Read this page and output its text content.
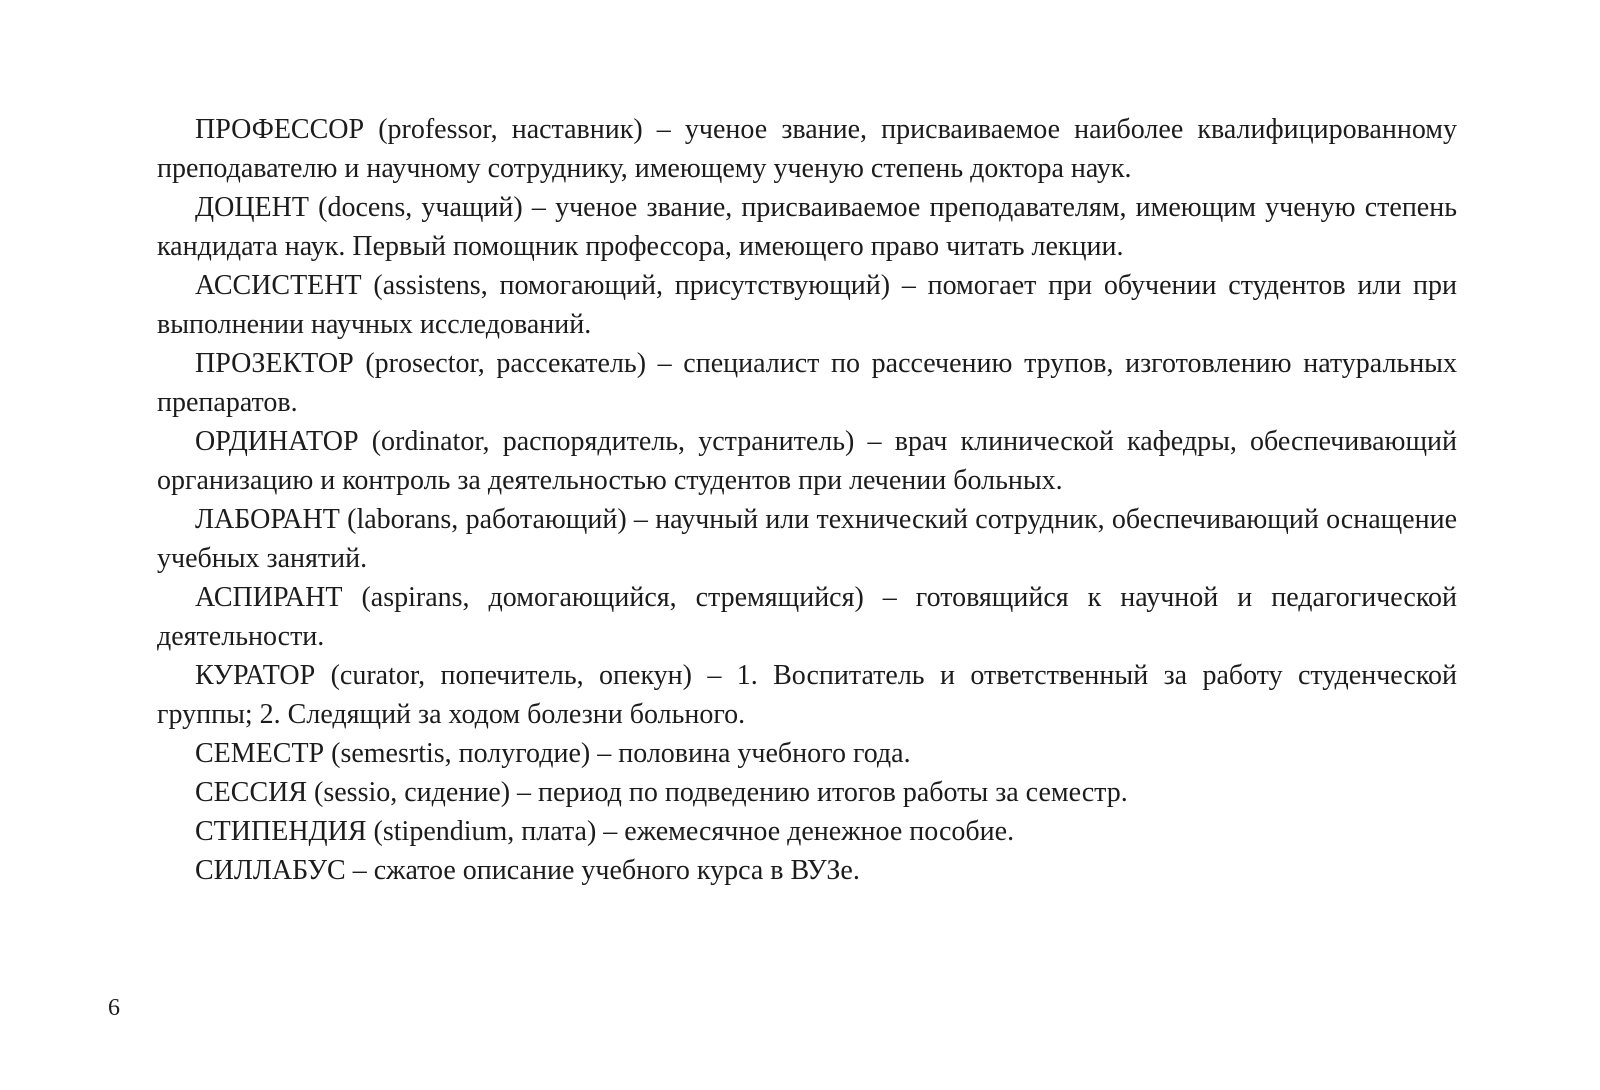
ПРОФЕССОР (professor, наставник) – ученое звание, присваиваемое наиболее квалифицированному преподавателю и научному сотруднику, имеющему ученую степень доктора наук.

ДОЦЕНТ (docens, учащий) – ученое звание, присваиваемое преподавателям, имеющим ученую степень кандидата наук. Первый помощник профессора, имеющего право читать лекции.

АССИСТЕНТ (assistens, помогающий, присутствующий) – помогает при обучении студентов или при выполнении научных исследований.

ПРОЗЕКТОР (prosector, рассекатель) – специалист по рассечению трупов, изготовлению натуральных препаратов.

ОРДИНАТОР (ordinator, распорядитель, устранитель) – врач клинической кафедры, обеспечивающий организацию и контроль за деятельностью студентов при лечении больных.

ЛАБОРАНТ (laborans, работающий) – научный или технический сотрудник, обеспечивающий оснащение учебных занятий.

АСПИРАНТ (aspirans, домогающийся, стремящийся) – готовящийся к научной и педагогической деятельности.

КУРАТОР (curator, попечитель, опекун) – 1. Воспитатель и ответственный за работу студенческой группы; 2. Следящий за ходом болезни больного.

СЕМЕСТР (semesrtis, полугодие) – половина учебного года.

СЕССИЯ (sessio, сидение) – период по подведению итогов работы за семестр.

СТИПЕНДИЯ (stipendium, плата) – ежемесячное денежное пособие.

СИЛЛАБУС – сжатое описание учебного курса в ВУЗе.

6
